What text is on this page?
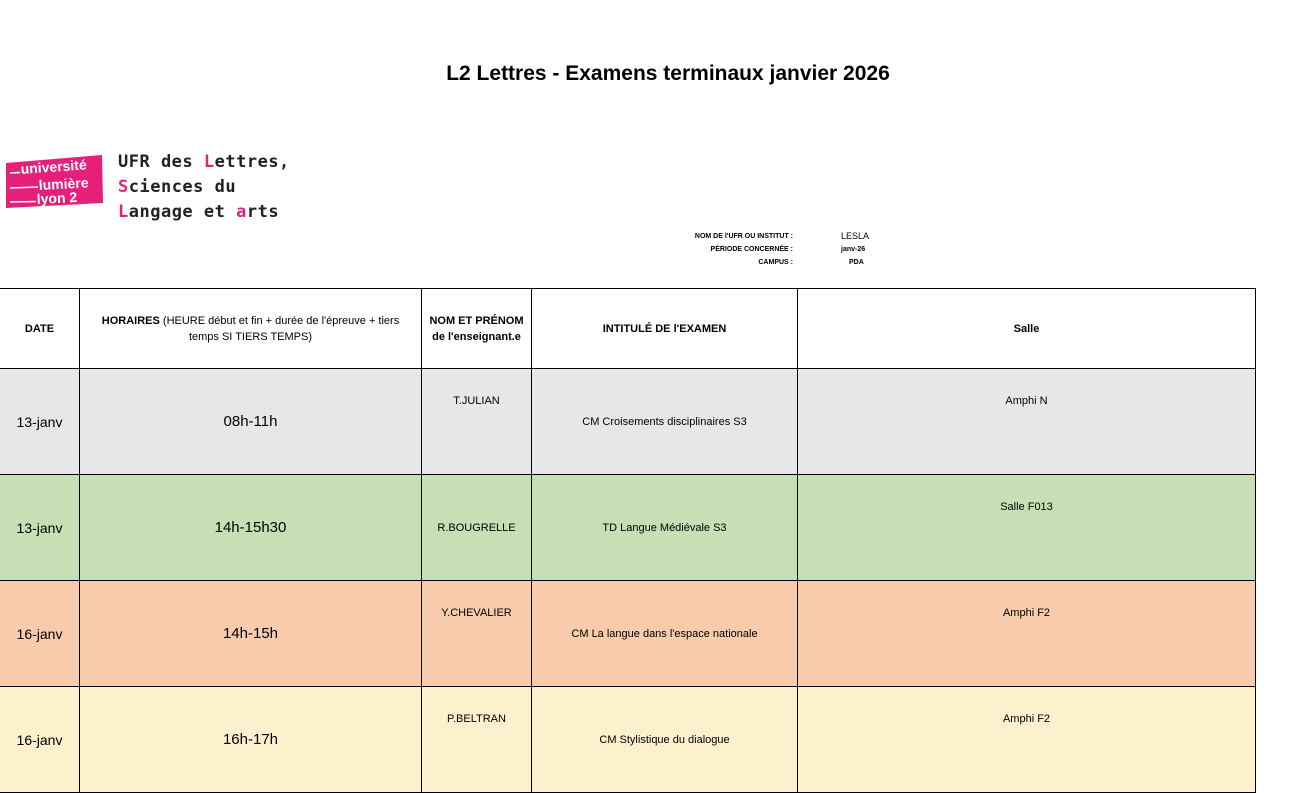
L2 Lettres - Examens terminaux janvier 2026
université
lumière
lyon 2
UFR des Lettres,
Sciences du
Langage et arts
NOM DE l'UFR OU INSTITUT :	LESLA
PÉRIODE CONCERNÉE :	janv-26
CAMPUS :	PDA
DATE	HORAIRES (HEURE début et fin + durée de l'épreuve + tiers temps SI TIERS TEMPS)	NOM ET PRÉNOM de l'enseignant.e	INTITULÉ DE l'EXAMEN	Salle
13-janv	08h-11h	T.JULIAN	CM Croisements disciplinaires S3	Amphi N
13-janv	14h-15h30	R.BOUGRELLE	TD Langue Médiévale S3	Salle F013
16-janv	14h-15h	Y.CHEVALIER	CM La langue dans l'espace nationale	Amphi F2
16-janv	16h-17h	P.BELTRAN	CM Stylistique du dialogue	Amphi F2
